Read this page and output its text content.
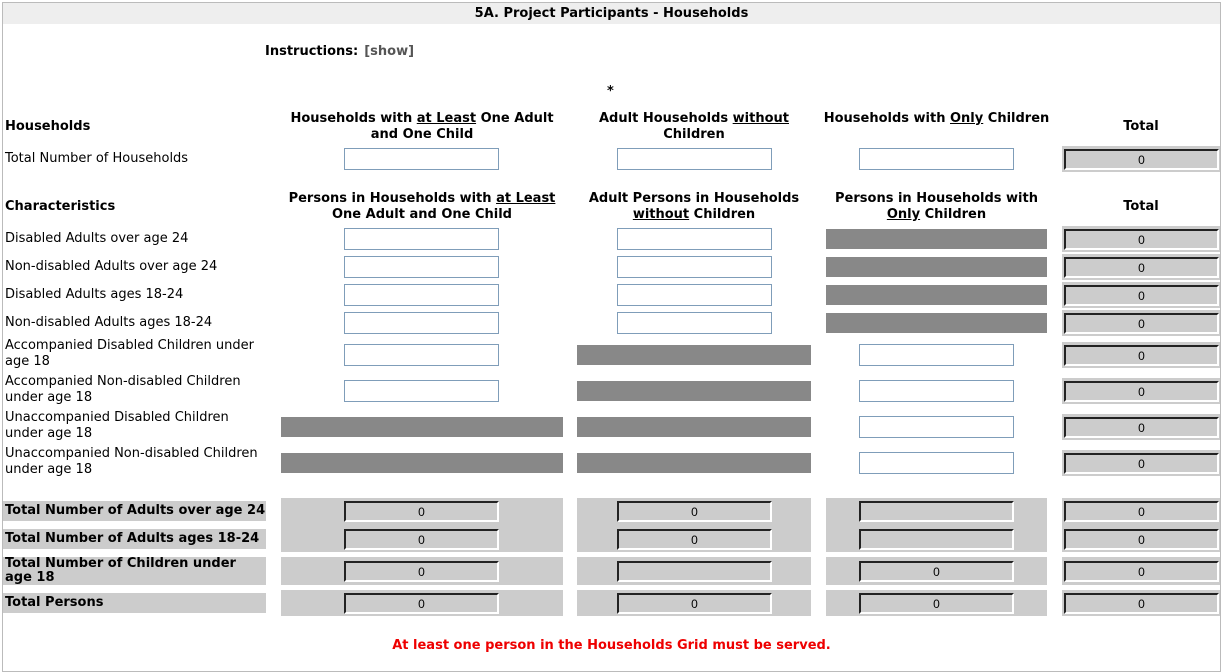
5A. Project Participants - Households
Instructions: [show]
*
Households
Characteristics
At least one person in the Households Grid must be served.
Households with at Least One Adult and One Child
Adult Households without Children
Households with Only Children
Total
Persons in Households with at Least One Adult and One Child
Adult Persons in Households without Children
Persons in Households with Only Children
Total
Total Number of Households
0
Disabled Adults over age 24
0
Non-disabled Adults over age 24
0
Disabled Adults ages 18-24
0
Non-disabled Adults ages 18-24
0
Accompanied Disabled Children under age 18
0
Accompanied Non-disabled Children under age 18
0
Unaccompanied Disabled Children under age 18
0
Unaccompanied Non-disabled Children under age 18
0
Total Number of Adults over age 24
0
0
0
Total Number of Adults ages 18-24
0
0
0
Total Number of Children under age 18
0
0
0
Total Persons
0
0
0
0
